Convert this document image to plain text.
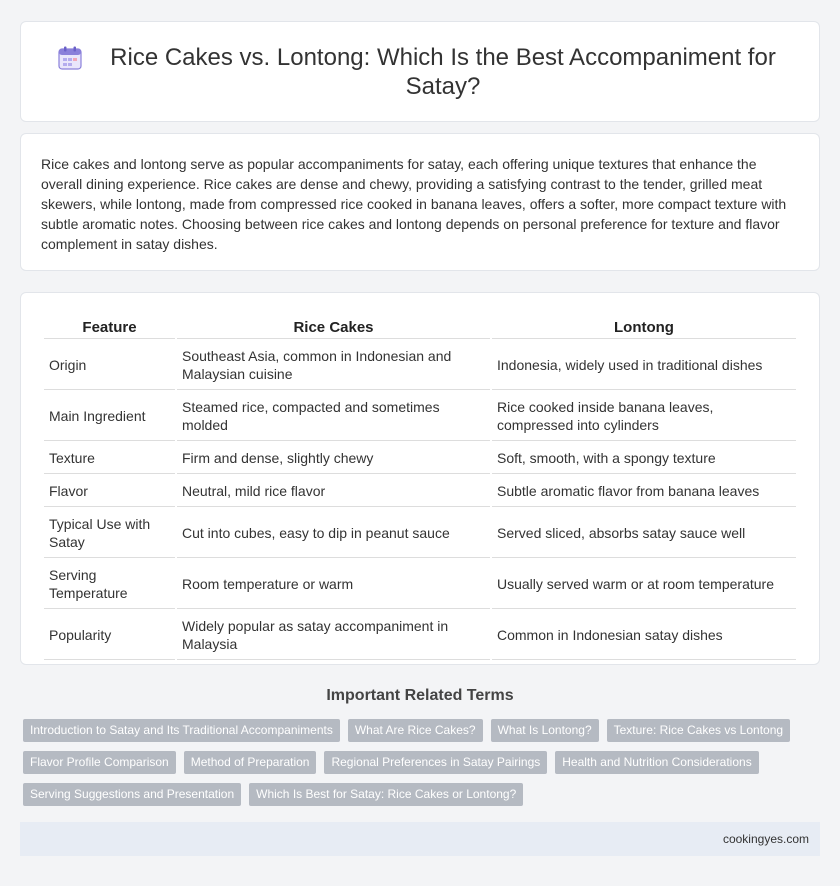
Rice Cakes vs. Lontong: Which Is the Best Accompaniment for Satay?

Rice cakes and lontong serve as popular accompaniments for satay, each offering unique textures that enhance the overall dining experience. Rice cakes are dense and chewy, providing a satisfying contrast to the tender, grilled meat skewers, while lontong, made from compressed rice cooked in banana leaves, offers a softer, more compact texture with subtle aromatic notes. Choosing between rice cakes and lontong depends on personal preference for texture and flavor complement in satay dishes.

Feature	Rice Cakes	Lontong
Origin	Southeast Asia, common in Indonesian and Malaysian cuisine	Indonesia, widely used in traditional dishes
Main Ingredient	Steamed rice, compacted and sometimes molded	Rice cooked inside banana leaves, compressed into cylinders
Texture	Firm and dense, slightly chewy	Soft, smooth, with a spongy texture
Flavor	Neutral, mild rice flavor	Subtle aromatic flavor from banana leaves
Typical Use with Satay	Cut into cubes, easy to dip in peanut sauce	Served sliced, absorbs satay sauce well
Serving Temperature	Room temperature or warm	Usually served warm or at room temperature
Popularity	Widely popular as satay accompaniment in Malaysia	Common in Indonesian satay dishes
Important Related Terms
Introduction to Satay and Its Traditional Accompaniments	What Are Rice Cakes?	What Is Lontong?	Texture: Rice Cakes vs Lontong
Flavor Profile Comparison	Method of Preparation	Regional Preferences in Satay Pairings	Health and Nutrition Considerations
Serving Suggestions and Presentation	Which Is Best for Satay: Rice Cakes or Lontong?
cookingyes.com
